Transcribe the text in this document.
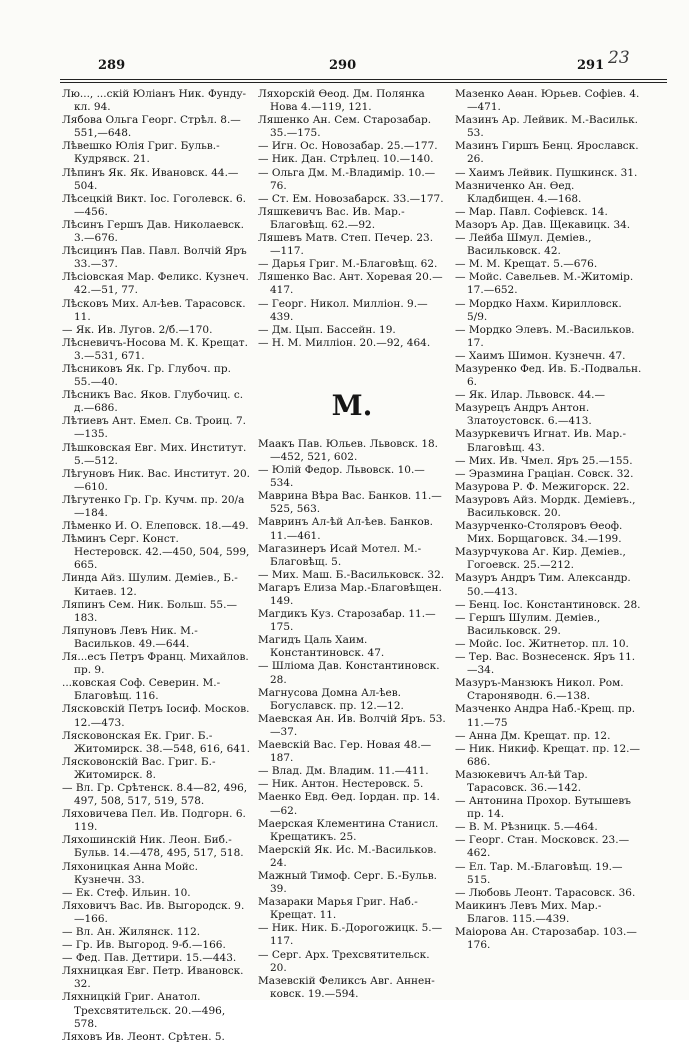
289	290	291 23

Лю..., ...скій Юліанъ Ник. Фунду-кл. 94.

Лябова Ольга Георг. Стрѣл. 8.—551,—648.

Лѣвешко Юлія Григ. Бульв.-Кудрявск. 21.

Лѣпинъ Як. Як. Ивановск. 44.—504.

Лѣсецкій Викт. Іос. Гоголевск. 6.—456.

Лѣсинъ Гершъ Дав. Николаевск. 3.—676.

Лѣсицинъ Пав. Павл. Волчій Яръ 33.—37.

Лѣсіовская Мар. Феликс. Кузнеч. 42.—51, 77.

Лѣсковъ Мих. Ал-ѣев. Тарасовск. 11.

— Як. Ив. Лугов. 2/б.—170.

Лѣсневичъ-Носова М. К. Крещат. 3.—531, 671.

Лѣсниковъ Як. Гр. Глубоч. пр. 55.—40.

Лѣсникъ Вас. Яков. Глубочиц. с. д.—686.

Лѣтиевъ Ант. Емел. Св. Троиц. 7.—135.

Лѣшковская Евг. Мих. Институт. 5.—512.

Лѣгуновъ Ник. Вас. Институт. 20.—610.

Лѣгутенко Гр. Гр. Кучм. пр. 20/а—184.

Лѣменко И. О. Елеповск. 18.—49.

Лѣминъ Серг. Конст. Нестеровск. 42.—450, 504, 599, 665.

Линда Айз. Шулим. Деміев., Б.-Китаев. 12.

Ляпинъ Сем. Ник. Больш. 55.—183.

Ляпуновъ Левъ Ник. М.-Васильков. 49.—644.

Ля...есъ Петръ Франц. Михайлов. пр. 9.

...ковская Соф. Северин. М.-Благовѣщ. 116.

Лясковскій Петръ Іосиф. Москов. 12.—473.

Лясковонская Ек. Григ. Б.-Житомирск. 38.—548, 616, 641.

Лясковонскій Вас. Григ. Б.-Житомирск. 8.

— Вл. Гр. Срѣтенск. 8.4—82, 496, 497, 508, 517, 519, 578.

Ляховичева Пел. Ив. Подгорн. 6. 119.

Ляхошинскій Ник. Леон. Биб.-Бульв. 14.—478, 495, 517, 518.

Ляхоницкая Анна Мойс. Кузнечн. 33.

— Ек. Стеф. Ильин. 10.

Ляховичъ Вас. Ив. Выгородск. 9.—166.

— Вл. Ан. Жилянск. 112.

— Гр. Ив. Выгород. 9-б.—166.

— Фед. Пав. Деттири. 15.—443.

Ляхницкая Евг. Петр. Ивановск. 32.

Ляхницкій Григ. Анатол. Трехсвятительск. 20.—496, 578.

Ляховъ Ив. Леонт. Срѣтен. 5.

Ляхорскій Ѳеод. Дм. Полянка Нова 4.—119, 121.

Ляшенко Ан. Сем. Старозабар. 35.—175.

— Игн. Ос. Новозабар. 25.—177.

— Ник. Дан. Стрѣлец. 10.—140.

— Ольга Дм. М.-Владимір. 10.—76.

— Ст. Ем. Новозабарск. 33.—177.

Ляшкевичъ Вас. Ив. Мар.-Благовѣщ. 62.—92.

Ляшевъ Матв. Степ. Печер. 23. —117.

— Дарья Григ. М.-Благовѣщ. 62.

Ляшенко Вас. Ант. Хоревая 20.—417.

— Георг. Никол. Милліон. 9.—439.

— Дм. Цып. Бассейн. 19.

— Н. М. Милліон. 20.—92, 464.

M.

Маакъ Пав. Юльев. Львовск. 18.—452, 521, 602.

— Юлій Федор. Львовск. 10.—534.

Маврина Вѣра Вас. Банков. 11.—525, 563.

Мавринъ Ал-ѣй Ал-ѣев. Банков. 11.—461.

Магазинеръ Исай Мотел. М.-Благовѣщ. 5.

— Мих. Маш. Б.-Васильковск. 32.

Магаръ Елиза Мар.-Благовѣщен. 149.

Магдикъ Куз. Старозабар. 11.—175.

Магидъ Цаль Хаим. Константиновск. 47.

— Шлiома Дав. Константиновск. 28.

Магнусова Домна Ал-ѣев. Богуславск. пр. 12.—12.

Маевская Ан. Ив. Волчій Яръ. 53.—37.

Маевскій Вас. Гер. Новая 48.—187.

— Влад. Дм. Владим. 11.—411.

— Ник. Антон. Нестеровск. 5.

Маенко Евд. Ѳед. Іордан. пр. 14. —62.

Маерская Клементина Станисл. Крещатикъ. 25.

Маерскій Як. Ис. М.-Васильков. 24.

Мажный Тимоф. Серг. Б.-Бульв. 39.

Мазараки Марья Григ. Наб.-Крещат. 11.

— Ник. Ник. Б.-Дорогожицк. 5.—117.

— Серг. Арх. Трехсвятительск. 20.

Мазевскій Феликсъ Авг. Аннен-ковск. 19.—594.

Мазенко Аѳан. Юрьев. Софіев. 4.—471.

Мазинъ Ар. Лейвик. М.-Васильк. 53.

Мазинъ Гиршъ Бенц. Ярославск. 26.

— Хаимъ Лейвик. Пушкинск. 31.

Мазниченко Ан. Ѳед. Кладбищен. 4.—168.

— Мар. Павл. Софіевск. 14.

Мазоръ Ар. Дав. Щекавицк. 34.

— Лейба Шмул. Деміев., Васильковск. 42.

— М. М. Крещат. 5.—676.

— Мойс. Савельев. М.-Житомір. 17.—652.

— Мордко Нахм. Кирилловск. 5/9.

— Мордко Элевъ. М.-Васильков. 17.

— Хаимъ Шимон. Кузнечн. 47.

Мазуренко Фед. Ив. Б.-Подвальн. 6.

— Як. Илар. Львовск. 44.—

Мазурецъ Андръ Антон. Златоустовск. 6.—413.

Мазуркевичъ Игнат. Ив. Мар.-Благовѣщ. 43.

— Мих. Ив. Чмел. Яръ 25.—155.

— Эразмина Граціан. Совск. 32.

Мазурова Р. Ф. Межигорск. 22.

Мазуровъ Айз. Мордк. Деміевъ., Васильковск. 20.

Мазурченко-Столяровъ Ѳеоф. Мих. Борщаговск. 34.—199.

Мазурчукова Аг. Кир. Деміев., Гогоевск. 25.—212.

Мазуръ Андръ Тим. Александр. 50.—413.

— Бенц. Іос. Константиновск. 28.

— Гершъ Шулим. Деміев., Васильковск. 29.

— Мойс. Іос. Житнетор. пл. 10.

— Тер. Вас. Вознесенск. Яръ 11.—34.

Мазуръ-Манзюкъ Никол. Ром. Староняводн. 6.—138.

Мазченко Андра Наб.-Крещ. пр. 11.—75

— Анна Дм. Крещат. пр. 12.

— Ник. Никиф. Крещат. пр. 12.—686.

Мазюкевичъ Ал-ѣй Тар. Тарасовск. 36.—142.

— Антонина Прохор. Бутышевъ пр. 14.

— В. М. Рѣзницк. 5.—464.

— Георг. Стан. Московск. 23.—462.

— Ел. Тар. М.-Благовѣщ. 19.—515.

— Любовь Леонт. Тарасовск. 36.

Маикинъ Левъ Мих. Мар.-Благов. 115.—439.

Маіорова Ан. Старозабар. 103.—176.
